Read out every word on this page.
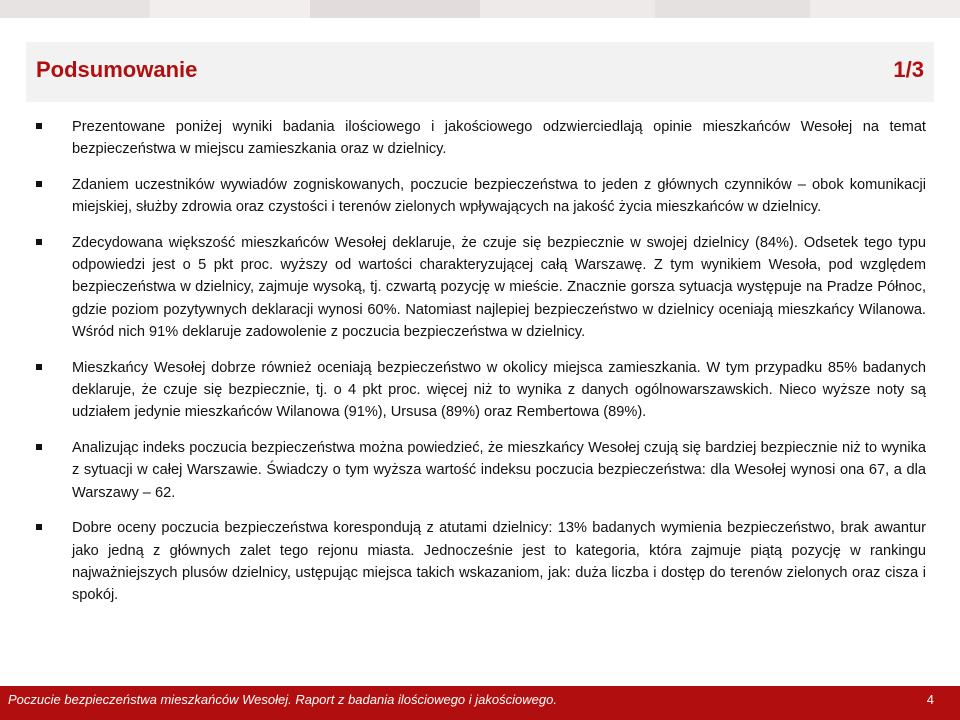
Podsumowanie	1/3
Prezentowane poniżej wyniki badania ilościowego i jakościowego odzwierciedlają opinie mieszkańców Wesołej na temat bezpieczeństwa w miejscu zamieszkania oraz w dzielnicy.
Zdaniem uczestników wywiadów zogniskowanych, poczucie bezpieczeństwa to jeden z głównych czynników – obok komunikacji miejskiej, służby zdrowia oraz czystości i terenów zielonych wpływających na jakość życia mieszkańców w dzielnicy.
Zdecydowana większość mieszkańców Wesołej deklaruje, że czuje się bezpiecznie w swojej dzielnicy (84%). Odsetek tego typu odpowiedzi jest o 5 pkt proc. wyższy od wartości charakteryzującej całą Warszawę. Z tym wynikiem Wesoła, pod względem bezpieczeństwa w dzielnicy, zajmuje wysoką, tj. czwartą pozycję w mieście. Znacznie gorsza sytuacja występuje na Pradze Północ, gdzie poziom pozytywnych deklaracji wynosi 60%. Natomiast najlepiej bezpieczeństwo w dzielnicy oceniają mieszkańcy Wilanowa. Wśród nich 91% deklaruje zadowolenie z poczucia bezpieczeństwa w dzielnicy.
Mieszkańcy Wesołej dobrze również oceniają bezpieczeństwo w okolicy miejsca zamieszkania. W tym przypadku 85% badanych deklaruje, że czuje się bezpiecznie, tj. o 4 pkt proc. więcej niż to wynika z danych ogólnowarszawskich. Nieco wyższe noty są udziałem jedynie mieszkańców Wilanowa (91%), Ursusa (89%) oraz Rembertowa (89%).
Analizując indeks poczucia bezpieczeństwa można powiedzieć, że mieszkańcy Wesołej czują się bardziej bezpiecznie niż to wynika z sytuacji w całej Warszawie. Świadczy o tym wyższa wartość indeksu poczucia bezpieczeństwa: dla Wesołej wynosi ona 67, a dla Warszawy – 62.
Dobre oceny poczucia bezpieczeństwa korespondują z atutami dzielnicy: 13% badanych wymienia bezpieczeństwo, brak awantur jako jedną z głównych zalet tego rejonu miasta. Jednocześnie jest to kategoria, która zajmuje piątą pozycję w rankingu najważniejszych plusów dzielnicy, ustępując miejsca takich wskazaniom, jak: duża liczba i dostęp do terenów zielonych oraz cisza i spokój.
Poczucie bezpieczeństwa mieszkańców Wesołej. Raport z badania ilościowego i jakościowego.	4
